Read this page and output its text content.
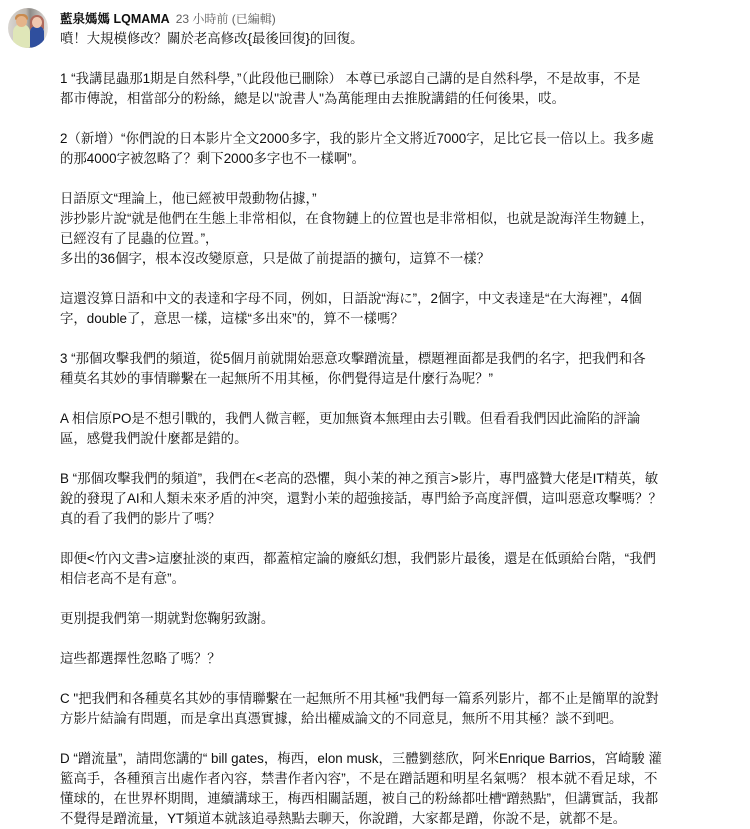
藍泉媽媽 LQMAMA 23 小時前 (已編輯)
噴！大規模修改？關於老高修改{最後回復}的回復。
1 “我講昆蟲那1期是自然科學，”（此段他已刪除） 本尊已承認自己講的是自然科學，不是故事，不是
都市傳說，相當部分的粉絲，總是以"說書人"為萬能理由去推脫講錯的任何後果，哎。
2（新增）“你們說的日本影片全文2000多字，我的影片全文將近7000字，足比它長一倍以上。我多處
的那4000字被忽略了？剩下2000多字也不一樣啊”。
日語原文“理論上，他已經被甲殼動物佔據，”
涉抄影片說“就是他們在生態上非常相似，在食物鏈上的位置也是非常相似，也就是說海洋生物鏈上，
已經沒有了昆蟲的位置。”，
多出的36個字，根本沒改變原意，只是做了前提語的擴句，這算不一樣？
這還沒算日語和中文的表達和字母不同，例如，日語說“海に”，2個字，中文表達是“在大海裡”，4個
字，double了，意思一樣，這樣“多出來”的，算不一樣嗎？
3 “那個攻擊我們的頻道，從5個月前就開始惡意攻擊蹭流量，標題裡面都是我們的名字，把我們和各
種莫名其妙的事情聯繫在一起無所不用其極，你們覺得這是什麼行為呢？”
A 相信原PO是不想引戰的，我們人微言輕，更加無資本無理由去引戰。但看看我們因此淪陷的評論
區，感覺我們說什麼都是錯的。
B “那個攻擊我們的頻道”，我們在<老高的恐懼，與小茉的神之預言>影片，專門盛贊大佬是IT精英，敏
銳的發現了AI和人類未來矛盾的沖突，還對小茉的超強接話，專門給予高度評價，這叫惡意攻擊嗎？？
真的看了我們的影片了嗎？
即便<竹內文書>這麼扯淡的東西，都蓋棺定論的廢紙幻想，我們影片最後，還是在低頭給台階，“我們
相信老高不是有意”。
更別提我們第一期就對您鞠躬致謝。
這些都選擇性忽略了嗎？？
C "把我們和各種莫名其妙的事情聯繫在一起無所不用其極"我們每一篇系列影片，都不止是簡單的說對
方影片結論有問題，而是拿出真憑實據，給出權威論文的不同意見，無所不用其極？談不到吧。
D “蹭流量”，請問您講的“ bill gates，梅西，elon musk，三體劉慈欣，阿米Enrique Barrios，宮崎駿 灌
籃高手，各種預言出處作者內容，禁書作者內容”，不是在蹭話題和明星名氣嗎？ 根本就不看足球，不
懂球的，在世界杯期間，連續講球王，梅西相關話題，被自己的粉絲都吐槽“蹭熱點”，但講實話，我都
不覺得是蹭流量，YT頻道本就該追尋熱點去聊天，你說蹭，大家都是蹭，你說不是，就都不是。
